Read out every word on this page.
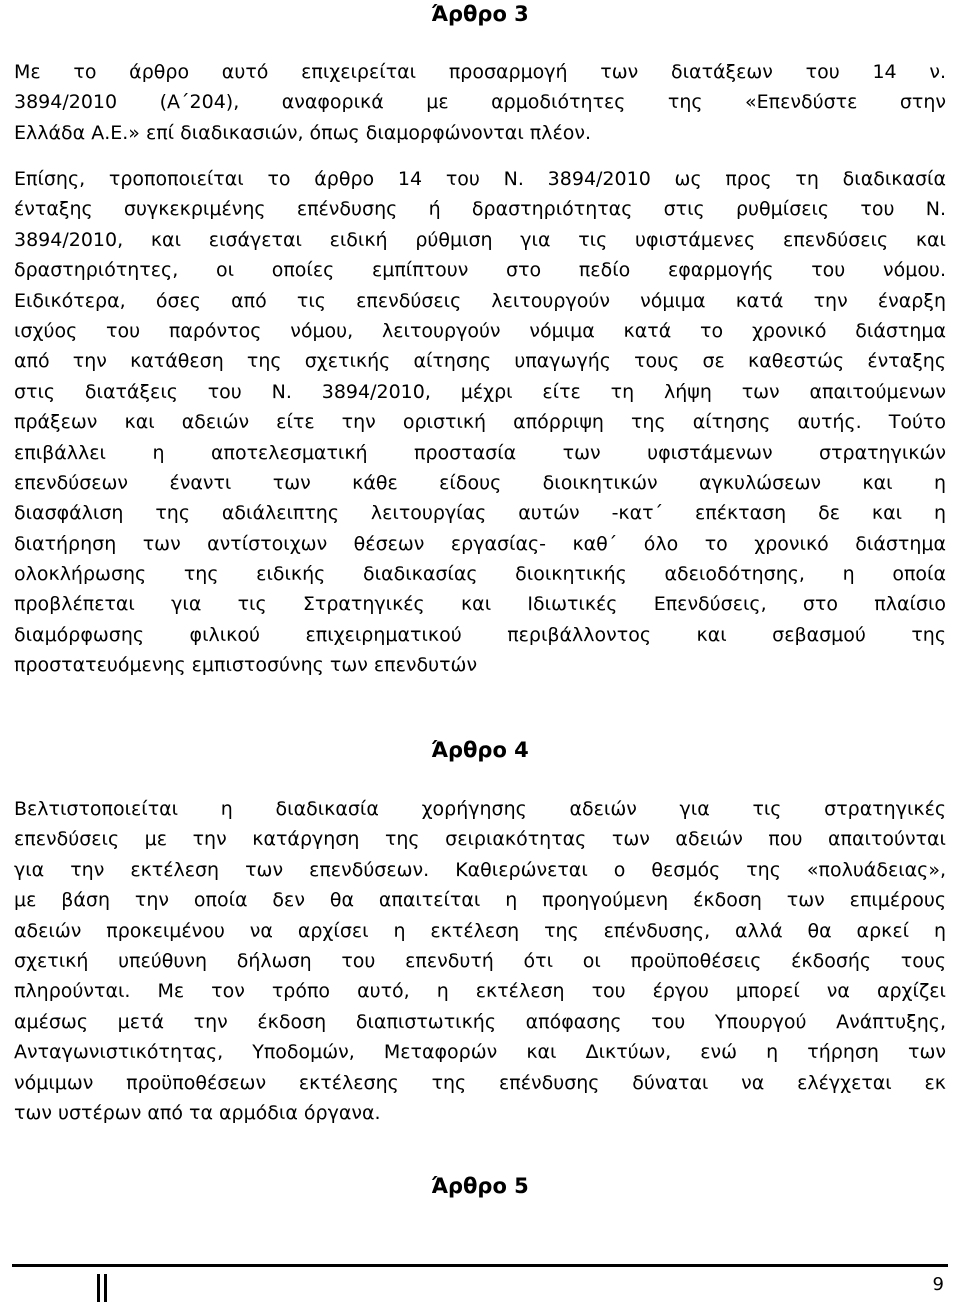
Άρθρο 3
Με το άρθρο αυτό επιχειρείται προσαρμογή των διατάξεων του 14 ν.
3894/2010 (Α΄204), αναφορικά με αρμοδιότητες της «Επενδύστε στην
Ελλάδα Α.Ε.» επί διαδικασιών, όπως διαμορφώνονται πλέον.
Επίσης, τροποποιείται το άρθρο 14 του Ν. 3894/2010 ως προς τη διαδικασία
ένταξης συγκεκριμένης επένδυσης ή δραστηριότητας στις ρυθμίσεις του Ν.
3894/2010, και εισάγεται ειδική ρύθμιση για τις υφιστάμενες επενδύσεις και
δραστηριότητες, οι οποίες εμπίπτουν στο πεδίο εφαρμογής του νόμου.
Ειδικότερα, όσες από τις επενδύσεις λειτουργούν νόμιμα κατά την έναρξη
ισχύος του παρόντος νόμου, λειτουργούν νόμιμα κατά το χρονικό διάστημα
από την κατάθεση της σχετικής αίτησης υπαγωγής τους σε καθεστώς ένταξης
στις διατάξεις του Ν. 3894/2010, μέχρι είτε τη λήψη των απαιτούμενων
πράξεων και αδειών είτε την οριστική απόρριψη της αίτησης αυτής. Τούτο
επιβάλλει η αποτελεσματική προστασία των υφιστάμενων στρατηγικών
επενδύσεων έναντι των κάθε είδους διοικητικών αγκυλώσεων και η
διασφάλιση της αδιάλειπτης λειτουργίας αυτών -κατ΄ επέκταση δε και η
διατήρηση των αντίστοιχων θέσεων εργασίας- καθ΄ όλο το χρονικό διάστημα
ολοκλήρωσης της ειδικής διαδικασίας διοικητικής αδειοδότησης, η οποία
προβλέπεται για τις Στρατηγικές και Ιδιωτικές Επενδύσεις, στο πλαίσιο
διαμόρφωσης φιλικού επιχειρηματικού περιβάλλοντος και σεβασμού της
προστατευόμενης εμπιστοσύνης των επενδυτών
Άρθρο 4
Βελτιστοποιείται η διαδικασία χορήγησης αδειών για τις στρατηγικές
επενδύσεις με την κατάργηση της σειριακότητας των αδειών που απαιτούνται
για την εκτέλεση των επενδύσεων. Καθιερώνεται ο θεσμός της «πολυάδειας»,
με βάση την οποία δεν θα απαιτείται η προηγούμενη έκδοση των επιμέρους
αδειών προκειμένου να αρχίσει η εκτέλεση της επένδυσης, αλλά θα αρκεί η
σχετική υπεύθυνη δήλωση του επενδυτή ότι οι προϋποθέσεις έκδοσής τους
πληρούνται. Με τον τρόπο αυτό, η εκτέλεση του έργου μπορεί να αρχίζει
αμέσως μετά την έκδοση διαπιστωτικής απόφασης του Υπουργού Ανάπτυξης,
Ανταγωνιστικότητας, Υποδομών, Μεταφορών και Δικτύων, ενώ η τήρηση των
νόμιμων προϋποθέσεων εκτέλεσης της επένδυσης δύναται να ελέγχεται εκ
των υστέρων από τα αρμόδια όργανα.
Άρθρο 5
9
